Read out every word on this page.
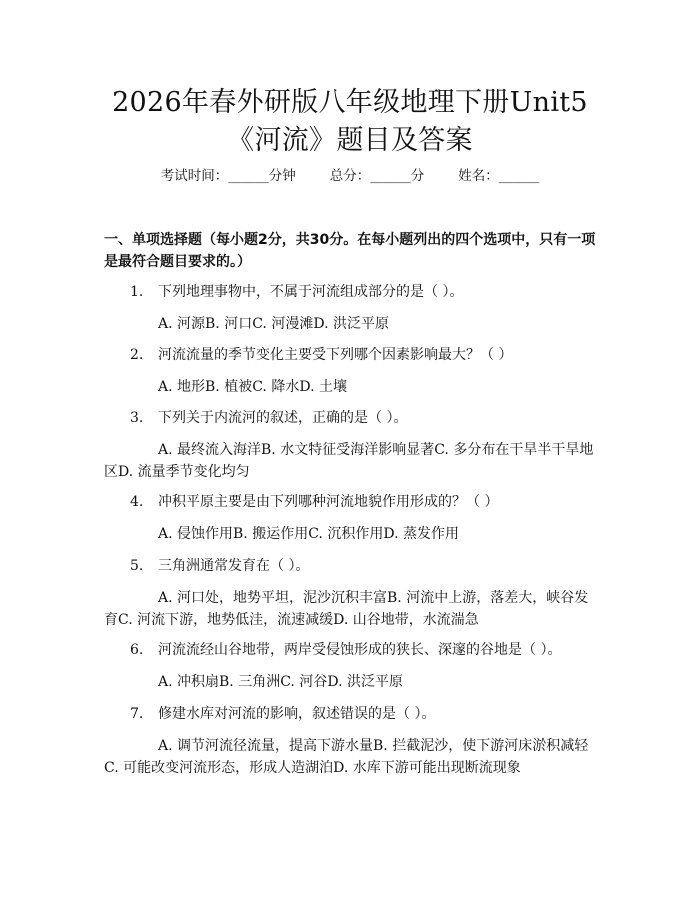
2026年春外研版八年级地理下册Unit5《河流》题目及答案
考试时间：______分钟	总分：______分	姓名：______
一、单项选择题（每小题2分，共30分。在每小题列出的四个选项中，只有一项是最符合题目要求的。）
1. 下列地理事物中，不属于河流组成部分的是（ ）。
A. 河源B. 河口C. 河漫滩D. 洪泛平原
2. 河流流量的季节变化主要受下列哪个因素影响最大？（ ）
A. 地形B. 植被C. 降水D. 土壤
3. 下列关于内流河的叙述，正确的是（ ）。
A. 最终流入海洋B. 水文特征受海洋影响显著C. 多分布在干旱半干旱地区D. 流量季节变化均匀
4. 冲积平原主要是由下列哪种河流地貌作用形成的？（ ）
A. 侵蚀作用B. 搬运作用C. 沉积作用D. 蒸发作用
5. 三角洲通常发育在（ ）。
A. 河口处，地势平坦，泥沙沉积丰富B. 河流中上游，落差大，峡谷发育C. 河流下游，地势低洼，流速减缓D. 山谷地带，水流湍急
6. 河流流经山谷地带，两岸受侵蚀形成的狭长、深邃的谷地是（ ）。
A. 冲积扇B. 三角洲C. 河谷D. 洪泛平原
7. 修建水库对河流的影响，叙述错误的是（ ）。
A. 调节河流径流量，提高下游水量B. 拦截泥沙，使下游河床淤积减轻C. 可能改变河流形态，形成人造湖泊D. 水库下游可能出现断流现象
